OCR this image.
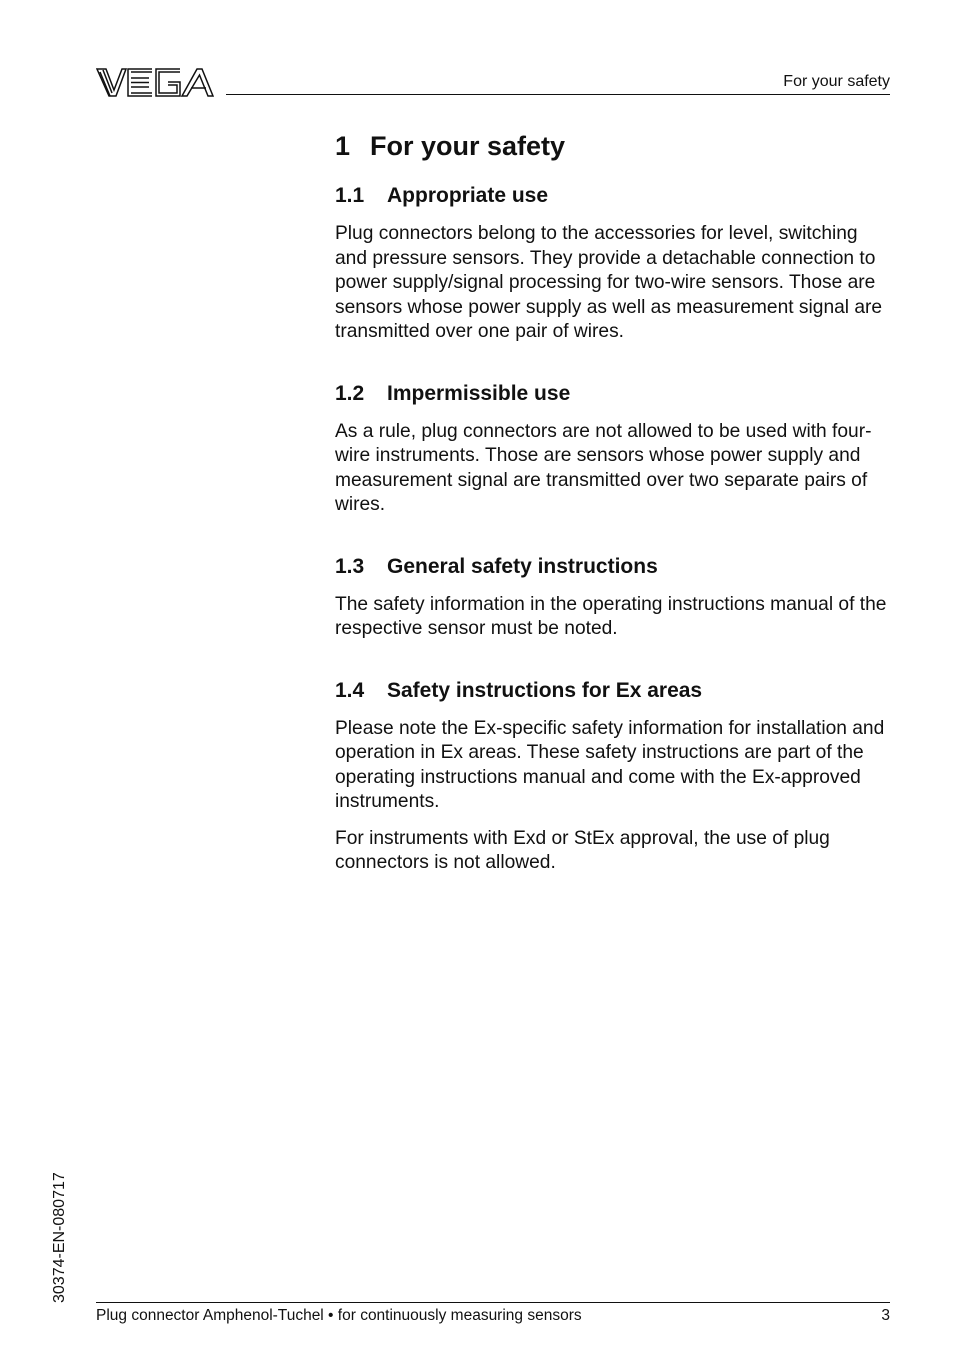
For your safety
1 For your safety
1.1 Appropriate use

Plug connectors belong to the accessories for level, switching and pressure sensors. They provide a detachable connection to power supply/signal processing for two-wire sensors. Those are sensors whose power supply as well as measurement signal are transmitted over one pair of wires.

1.2 Impermissible use

As a rule, plug connectors are not allowed to be used with four-wire instruments. Those are sensors whose power supply and measurement signal are transmitted over two separate pairs of wires.

1.3 General safety instructions

The safety information in the operating instructions manual of the respective sensor must be noted.

1.4 Safety instructions for Ex areas

Please note the Ex-specific safety information for installation and operation in Ex areas. These safety instructions are part of the operating instructions manual and come with the Ex-approved instruments.

For instruments with Exd or StEx approval, the use of plug connectors is not allowed.

30374-EN-080717
Plug connector Amphenol-Tuchel • for continuously measuring sensors	3
